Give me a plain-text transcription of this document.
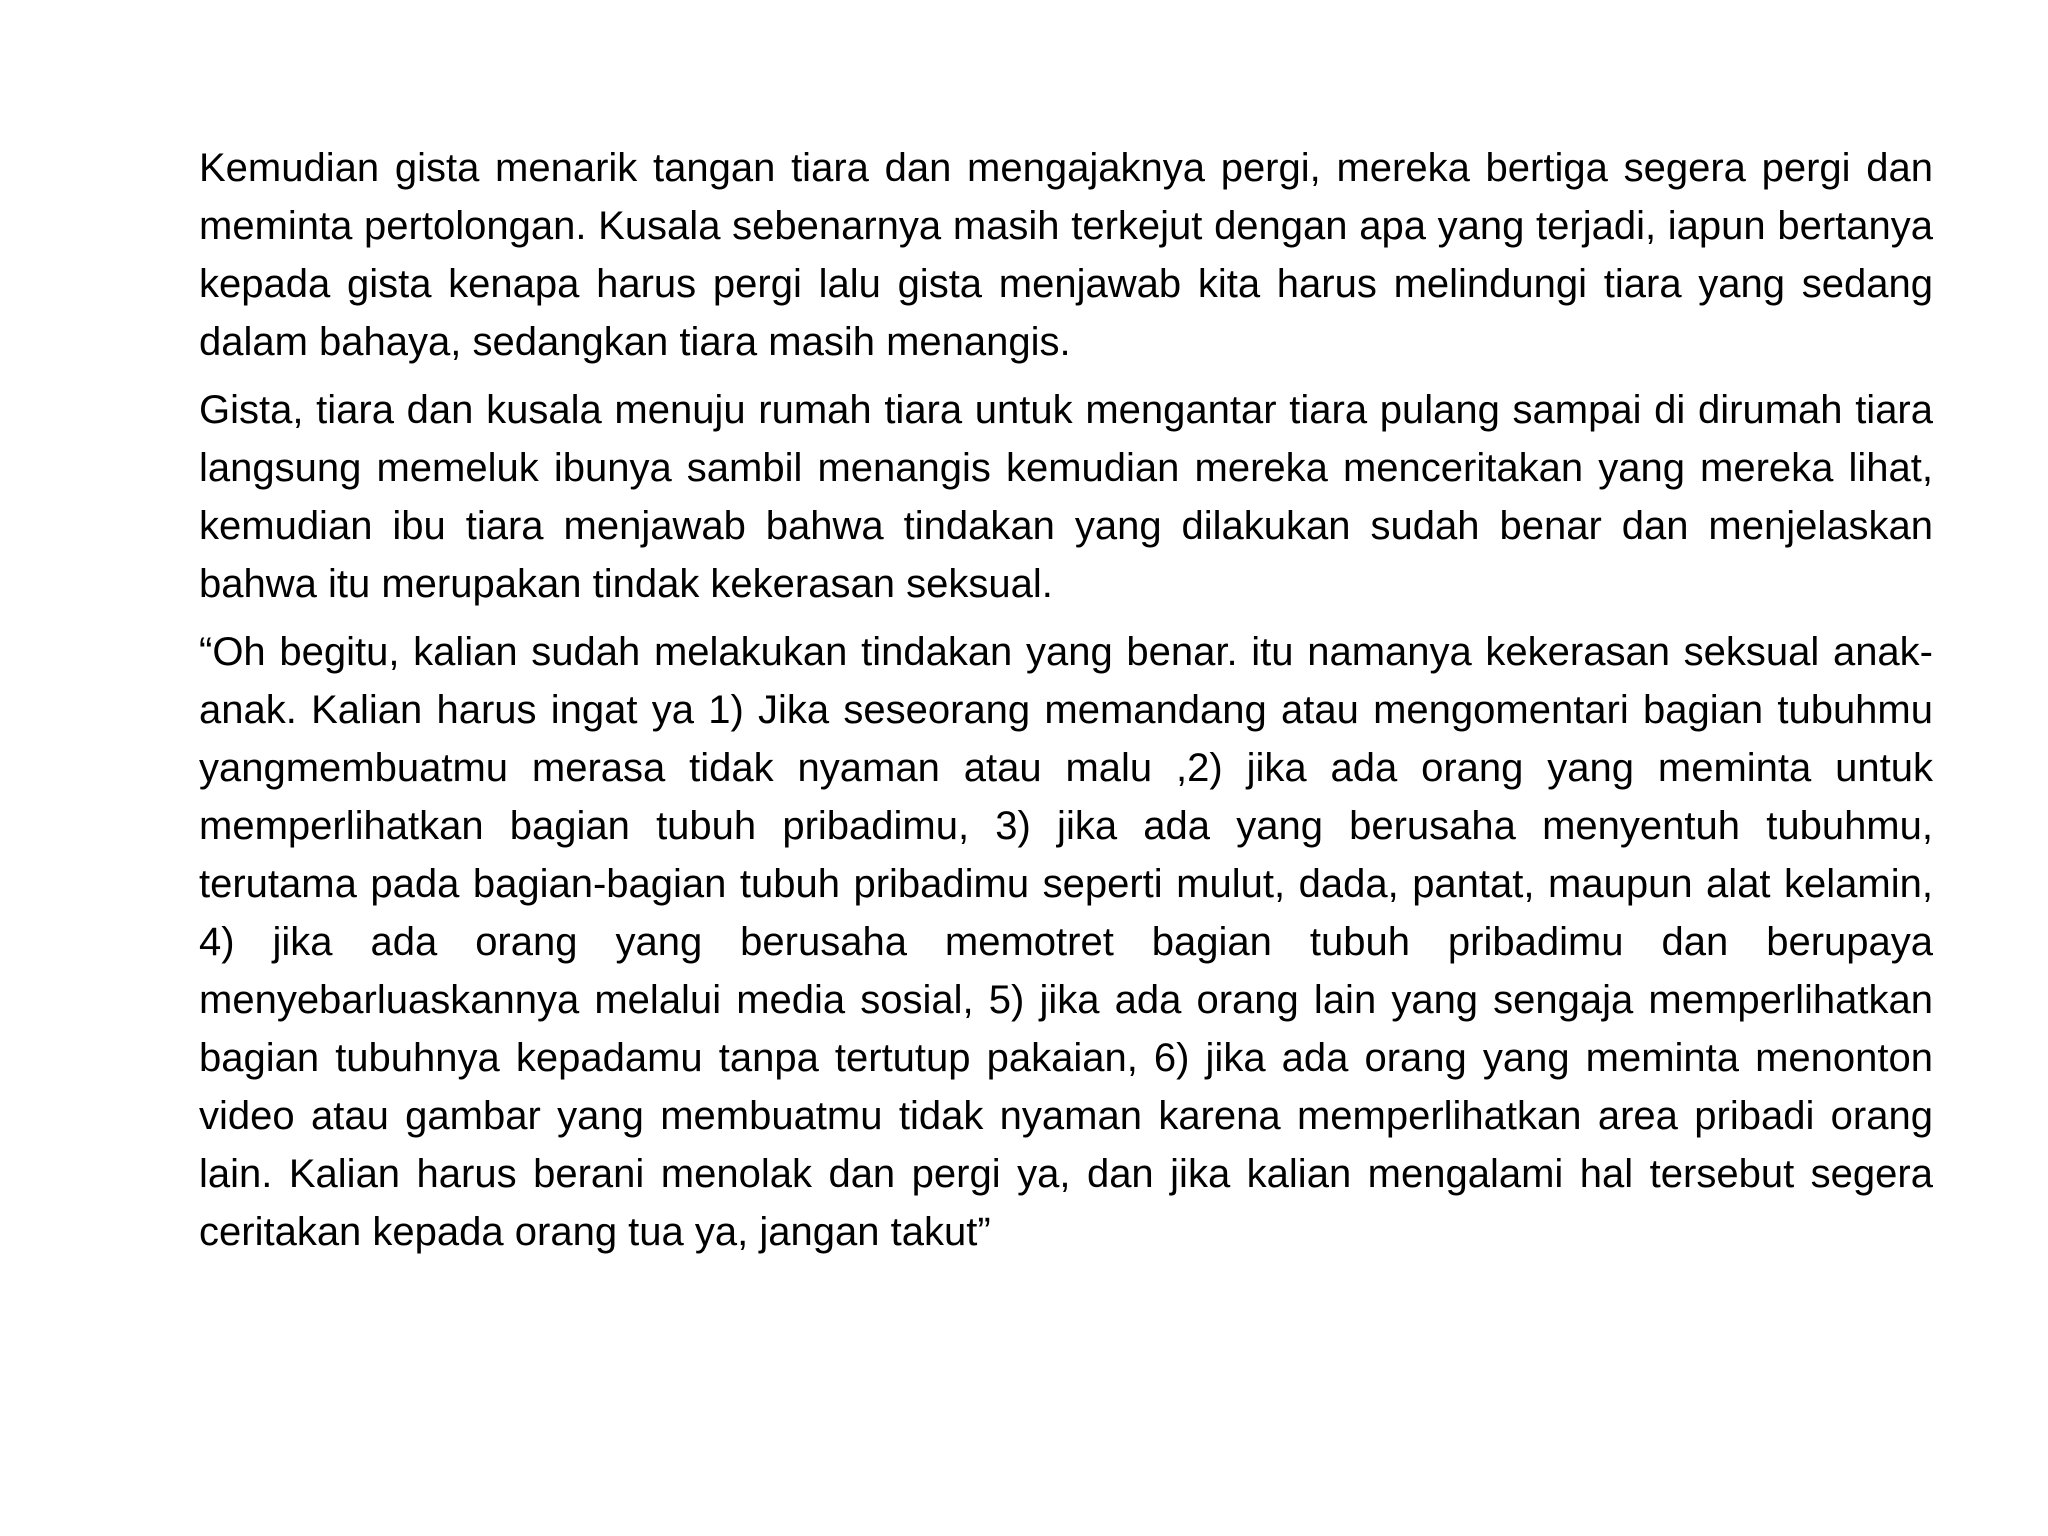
Kemudian gista menarik tangan tiara dan mengajaknya pergi, mereka bertiga segera pergi dan meminta pertolongan. Kusala sebenarnya masih terkejut dengan apa yang terjadi, iapun bertanya kepada gista kenapa harus pergi lalu gista menjawab kita harus melindungi tiara yang sedang dalam bahaya, sedangkan tiara masih menangis.

Gista, tiara dan kusala menuju rumah tiara untuk mengantar tiara pulang sampai di dirumah tiara langsung memeluk ibunya sambil menangis kemudian mereka menceritakan yang mereka lihat, kemudian ibu tiara menjawab bahwa tindakan yang dilakukan sudah benar dan menjelaskan bahwa itu merupakan tindak kekerasan seksual.

“Oh begitu, kalian sudah melakukan tindakan yang benar. itu namanya kekerasan seksual anak-anak. Kalian harus ingat ya 1) Jika seseorang memandang atau mengomentari bagian tubuhmu yangmembuatmu merasa tidak nyaman atau malu ,2) jika ada orang yang meminta untuk memperlihatkan bagian tubuh pribadimu, 3) jika ada yang berusaha menyentuh tubuhmu, terutama pada bagian-bagian tubuh pribadimu seperti mulut, dada, pantat, maupun alat kelamin, 4) jika ada orang yang berusaha memotret bagian tubuh pribadimu dan berupaya menyebarluaskannya melalui media sosial, 5) jika ada orang lain yang sengaja memperlihatkan bagian tubuhnya kepadamu tanpa tertutup pakaian, 6) jika ada orang yang meminta menonton video atau gambar yang membuatmu tidak nyaman karena memperlihatkan area pribadi orang lain. Kalian harus berani menolak dan pergi ya, dan jika kalian mengalami hal tersebut segera ceritakan kepada orang tua ya, jangan takut”
